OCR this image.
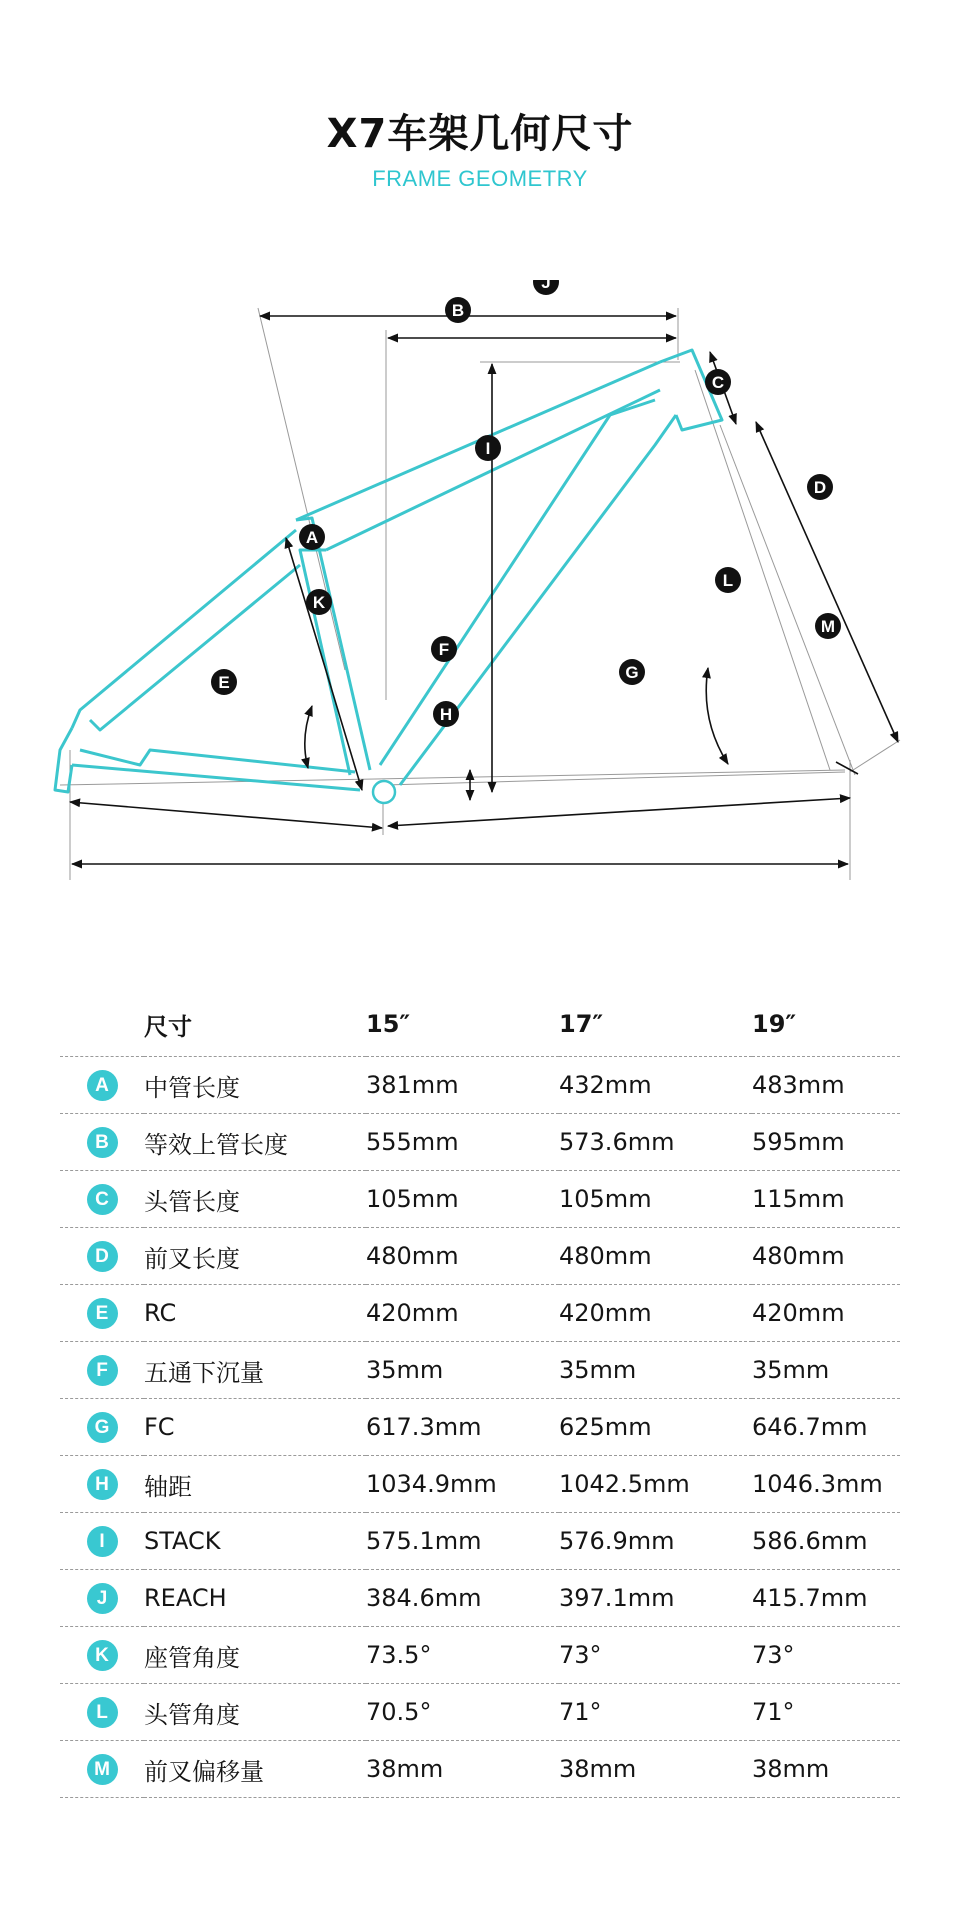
X7车架几何尺寸
FRAME GEOMETRY
A
B
C
D
E
F
G
H
I
J
K
L
M
	尺寸	15″	17″	19″
A	中管长度	381mm	432mm	483mm
B	等效上管长度	555mm	573.6mm	595mm
C	头管长度	105mm	105mm	115mm
D	前叉长度	480mm	480mm	480mm
E	RC	420mm	420mm	420mm
F	五通下沉量	35mm	35mm	35mm
G	FC	617.3mm	625mm	646.7mm
H	轴距	1034.9mm	1042.5mm	1046.3mm
I	STACK	575.1mm	576.9mm	586.6mm
J	REACH	384.6mm	397.1mm	415.7mm
K	座管角度	73.5°	73°	73°
L	头管角度	70.5°	71°	71°
M	前叉偏移量	38mm	38mm	38mm
